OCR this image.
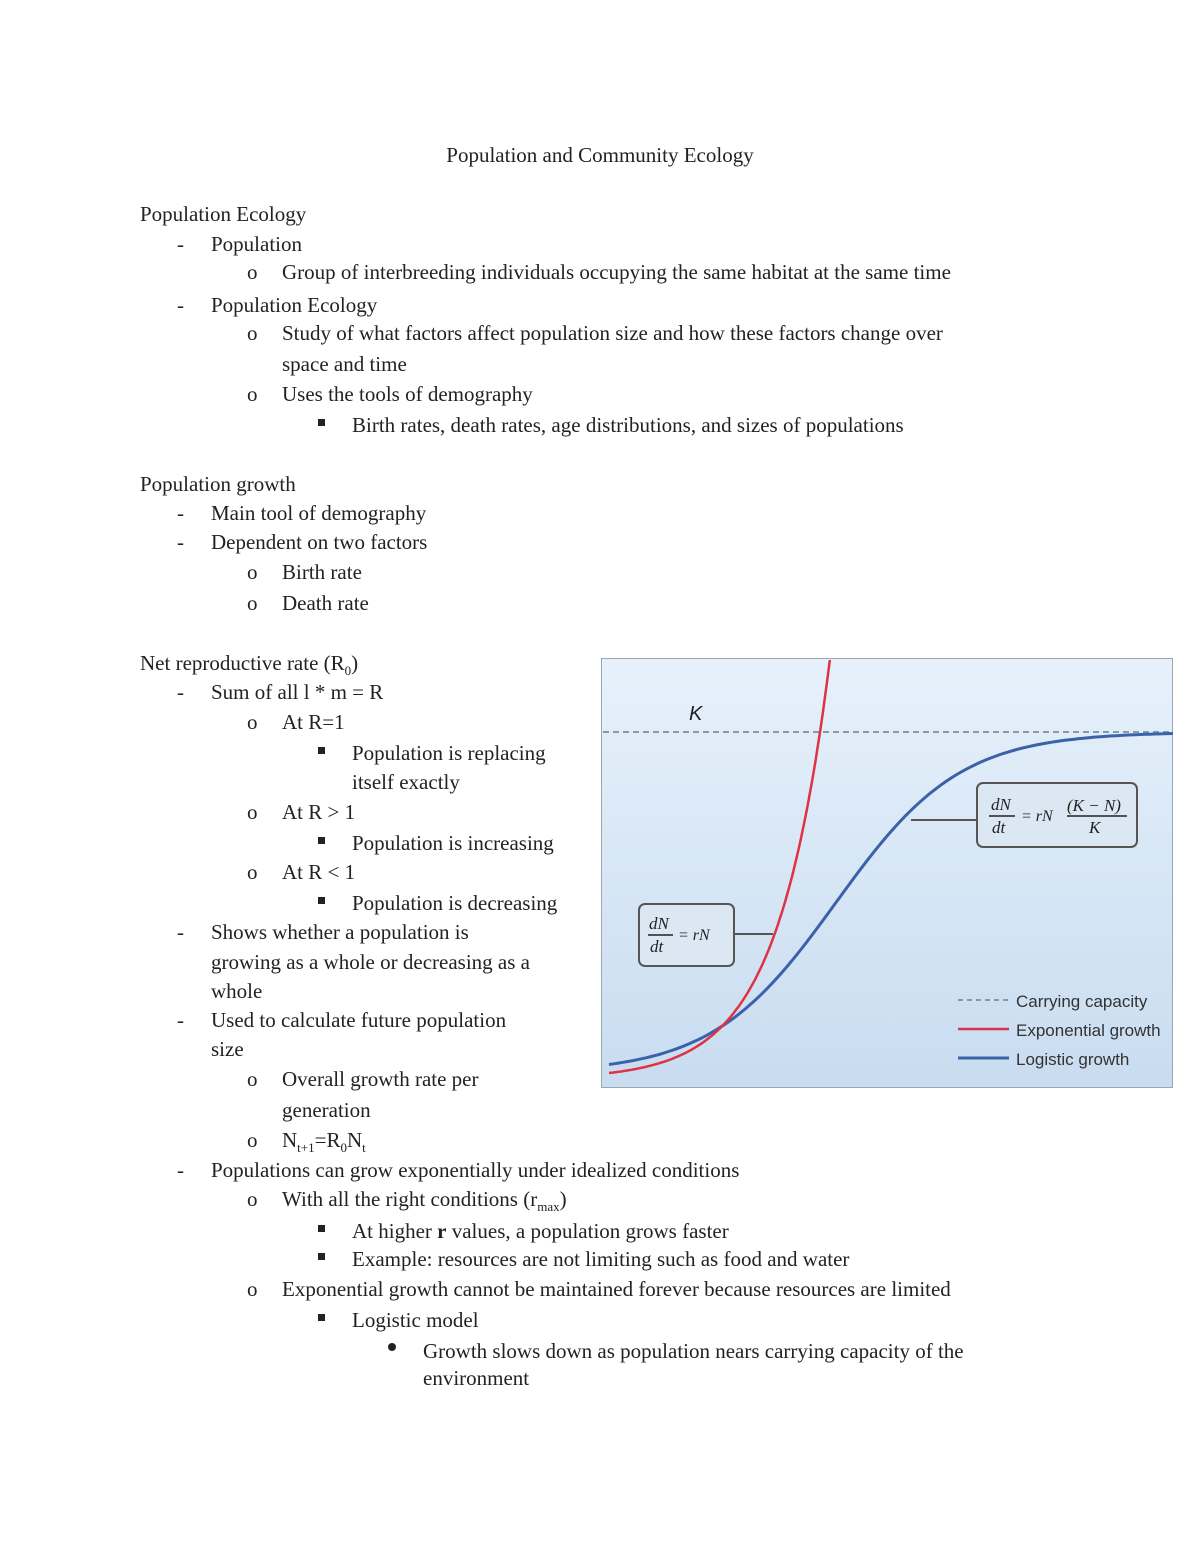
Population and Community Ecology
Population Ecology
- Population
o Group of interbreeding individuals occupying the same habitat at the same time
- Population Ecology
o Study of what factors affect population size and how these factors change over
space and time
o Uses the tools of demography
Birth rates, death rates, age distributions, and sizes of populations
Population growth
- Main tool of demography
- Dependent on two factors
o Birth rate
o Death rate
Net reproductive rate $(R_0)$
- Sum of all l * m = R
o At R=1
Population is replacing
itself exactly
o At R > 1
Population is increasing
o At R < 1
Population is decreasing
- Shows whether a population is
growing as a whole or decreasing as a
whole
- Used to calculate future population
size
o Overall growth rate per
generation
o $N_{t+1}=R_0N_t$
- Populations can grow exponentially under idealized conditions
o With all the right conditions $(r_{max})$
At higher r values, a population grows faster
Example: resources are not limiting such as food and water
o Exponential growth cannot be maintained forever because resources are limited
Logistic model
Growth slows down as population nears carrying capacity of the
environment
K
dN
dt
= rN
(K − N)
K
dN
dt
= rN
Carrying capacity
Exponential growth
Logistic growth
